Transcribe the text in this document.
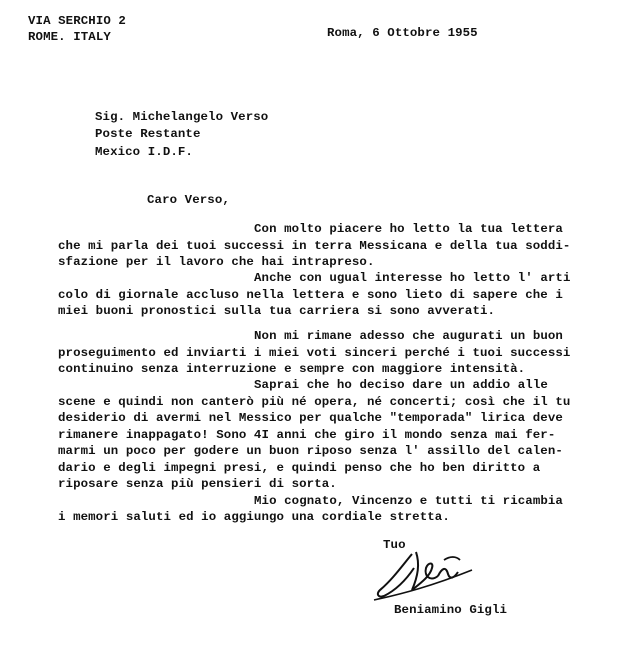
VIA SERCHIO 2
ROME. ITALY	Roma, 6 Ottobre 1955
Sig. Michelangelo Verso
Poste Restante
Mexico I.D.F.
Caro Verso,
Con molto piacere ho letto la tua lettera
che mi parla dei tuoi successi in terra Messicana e della tua soddi-
sfazione per il lavoro che hai intrapreso.
Anche con ugual interesse ho letto l' arti
colo di giornale accluso nella lettera e sono lieto di sapere che i
miei buoni pronostici sulla tua carriera si sono avverati.
Non mi rimane adesso che augurati un buon
proseguimento ed inviarti i miei voti sinceri perché i tuoi successi
continuino senza interruzione e sempre con maggiore intensità.
Saprai che ho deciso dare un addio alle
scene e quindi non canterò più né opera, né concerti; così che il tu
desiderio di avermi nel Messico per qualche "temporada" lirica deve
rimanere inappagato! Sono 4I anni che giro il mondo senza mai fer-
marmi un poco per godere un buon riposo senza l' assillo del calen-
dario e degli impegni presi, e quindi penso che ho ben diritto a
riposare senza più pensieri di sorta.
Mio cognato, Vincenzo e tutti ti ricambia
i memori saluti ed io aggiungo una cordiale stretta.
Tuo
Beniamino Gigli
